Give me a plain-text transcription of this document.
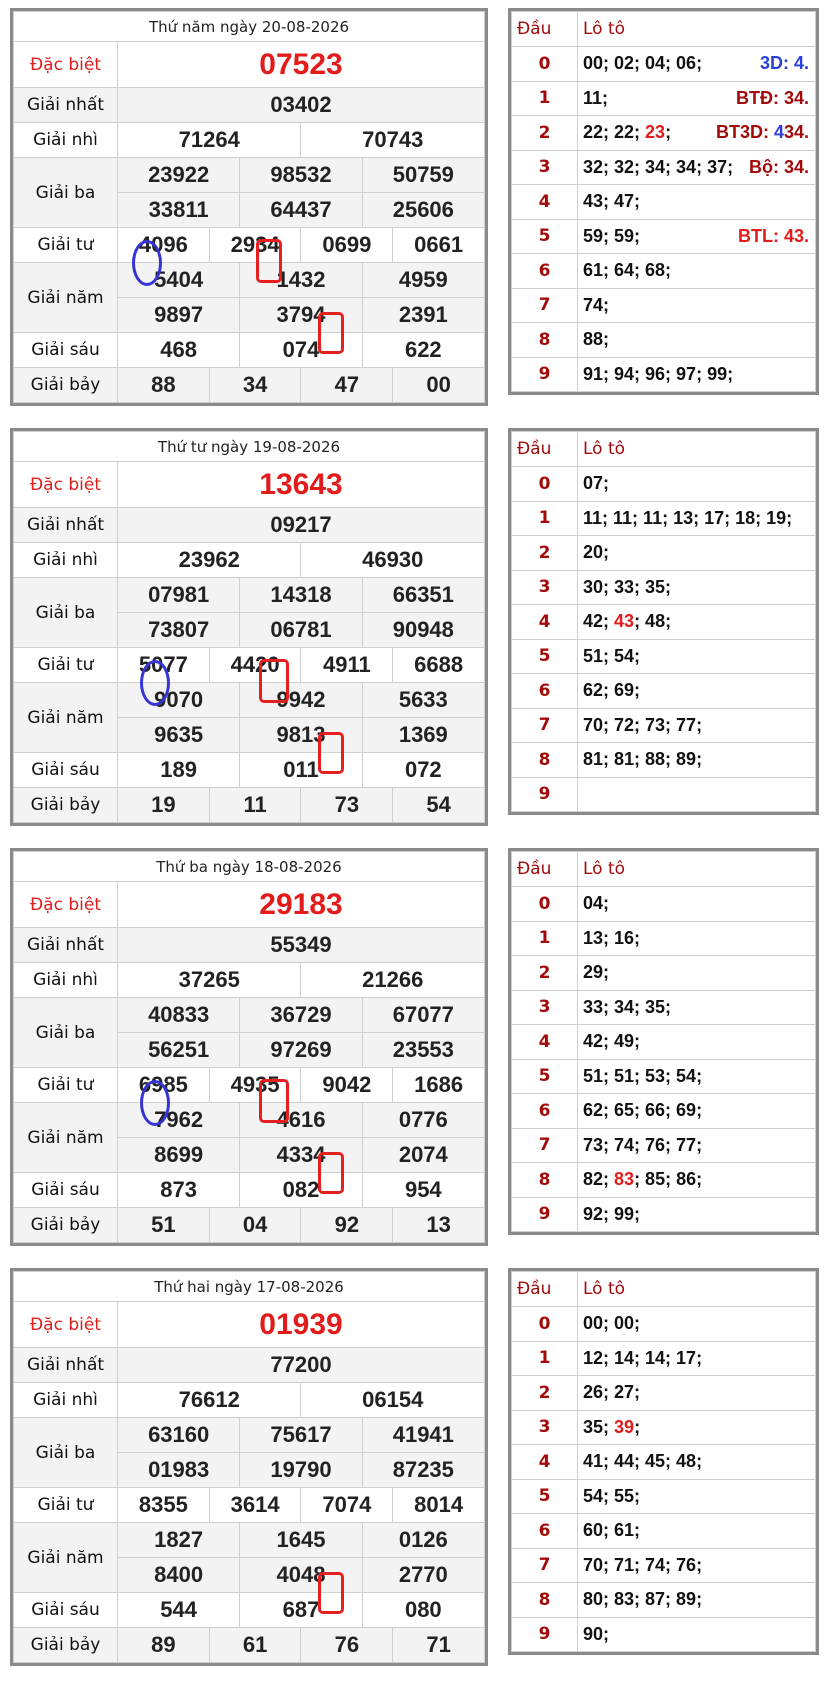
Thứ năm ngày 20-08-2026						
Đặc biệt	07523					
Giải nhất	03402					
Giải nhì	71264			70743		
Giải ba	23922		98532		50759	
	33811		64437		25606	
Giải tư	4096	2934		0699		0661
Giải năm	5404		1432		4959	
	9897		3794		2391	
Giải sáu	468		074		622	
Giải bảy	88	34		47		00
Đầu	Lô tô
0	00; 02; 04; 06; 3D: 4.

1	11; BTĐ: 34.

2	22; 22; 23; BT3D: 434.

3	32; 32; 34; 34; 37; Bộ: 34.

4	43; 47;
5	59; 59; BTL: 43.

6	61; 64; 68;
7	74;
8	88;
9	91; 94; 96; 97; 99;
Thứ tư ngày 19-08-2026						
Đặc biệt	13643					
Giải nhất	09217					
Giải nhì	23962			46930		
Giải ba	07981		14318		66351	
	73807		06781		90948	
Giải tư	5077	4420		4911		6688
Giải năm	9070		9942		5633	
	9635		9813		1369	
Giải sáu	189		011		072	
Giải bảy	19	11		73		54
Đầu	Lô tô
0	07;
1	11; 11; 11; 13; 17; 18; 19;
2	20;
3	30; 33; 35;
4	42; 43; 48;
5	51; 54;
6	62; 69;
7	70; 72; 73; 77;
8	81; 81; 88; 89;
9	
Thứ ba ngày 18-08-2026						
Đặc biệt	29183					
Giải nhất	55349					
Giải nhì	37265			21266		
Giải ba	40833		36729		67077	
	56251		97269		23553	
Giải tư	6985	4935		9042		1686
Giải năm	7962		4616		0776	
	8699		4334		2074	
Giải sáu	873		082		954	
Giải bảy	51	04		92		13
Đầu	Lô tô
0	04;
1	13; 16;
2	29;
3	33; 34; 35;
4	42; 49;
5	51; 51; 53; 54;
6	62; 65; 66; 69;
7	73; 74; 76; 77;
8	82; 83; 85; 86;
9	92; 99;
Thứ hai ngày 17-08-2026						
Đặc biệt	01939					
Giải nhất	77200					
Giải nhì	76612			06154		
Giải ba	63160		75617		41941	
	01983		19790		87235	
Giải tư	8355	3614		7074		8014
Giải năm	1827		1645		0126	
	8400		4048		2770	
Giải sáu	544		687		080	
Giải bảy	89	61		76		71
Đầu	Lô tô
0	00; 00;
1	12; 14; 14; 17;
2	26; 27;
3	35; 39;
4	41; 44; 45; 48;
5	54; 55;
6	60; 61;
7	70; 71; 74; 76;
8	80; 83; 87; 89;
9	90;
